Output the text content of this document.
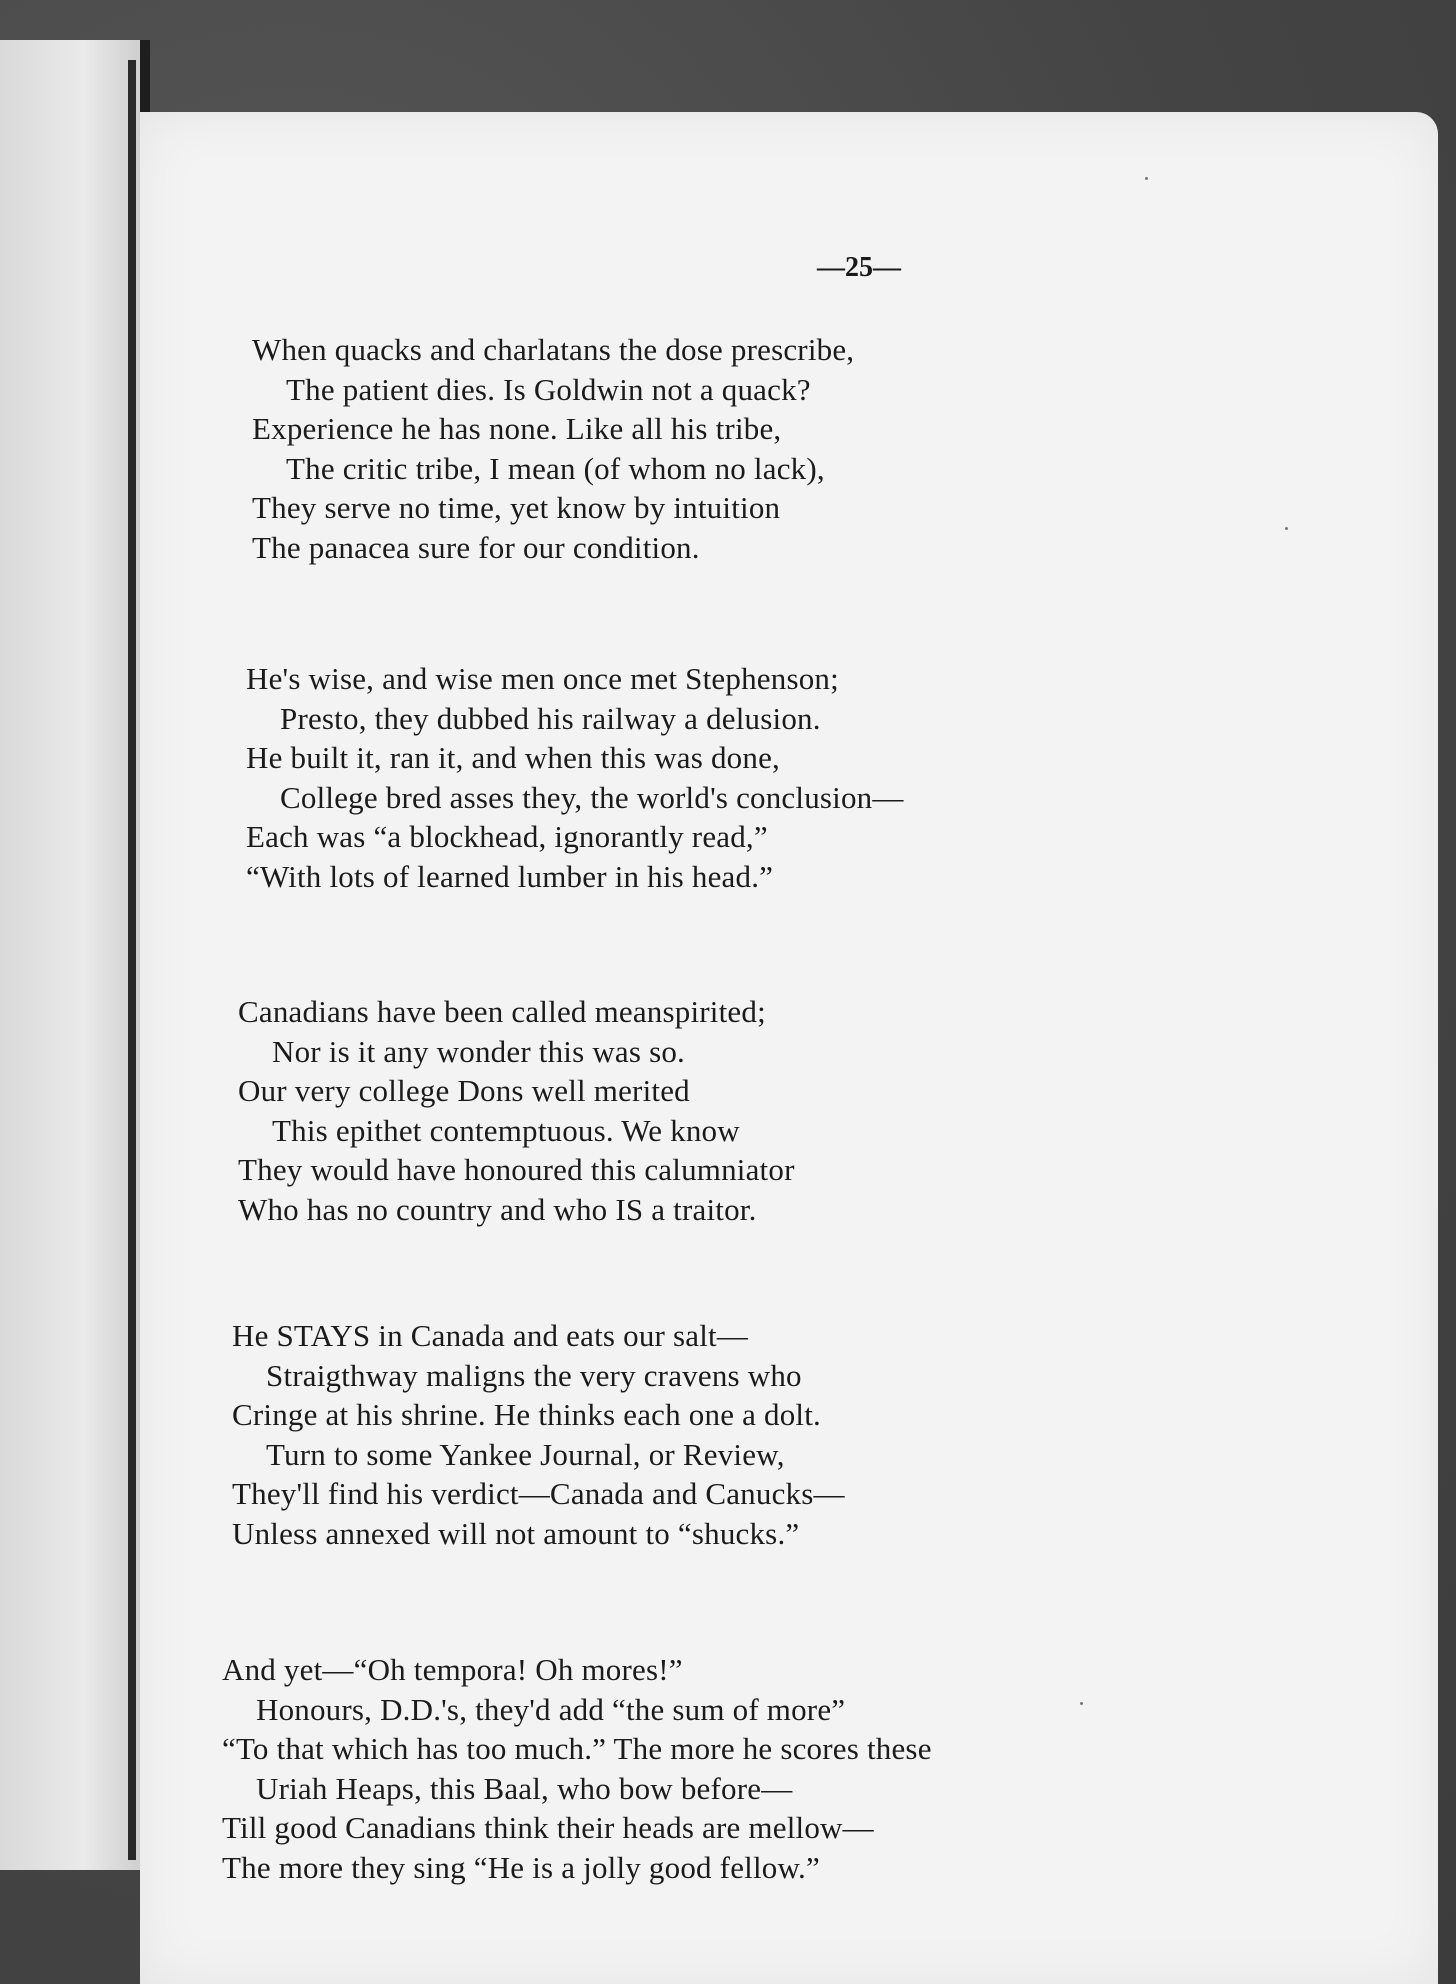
—25—
When quacks and charlatans the dose prescribe,
The patient dies. Is Goldwin not a quack?
Experience he has none. Like all his tribe,
The critic tribe, I mean (of whom no lack),
They serve no time, yet know by intuition
The panacea sure for our condition.
He's wise, and wise men once met Stephenson;
Presto, they dubbed his railway a delusion.
He built it, ran it, and when this was done,
College bred asses they, the world's conclusion—
Each was “a blockhead, ignorantly read,”
“With lots of learned lumber in his head.”
Canadians have been called meanspirited;
Nor is it any wonder this was so.
Our very college Dons well merited
This epithet contemptuous. We know
They would have honoured this calumniator
Who has no country and who IS a traitor.
He STAYS in Canada and eats our salt—
Straigthway maligns the very cravens who
Cringe at his shrine. He thinks each one a dolt.
Turn to some Yankee Journal, or Review,
They'll find his verdict—Canada and Canucks—
Unless annexed will not amount to “shucks.”
And yet—“Oh tempora! Oh mores!”
Honours, D.D.'s, they'd add “the sum of more”
“To that which has too much.” The more he scores these
Uriah Heaps, this Baal, who bow before—
Till good Canadians think their heads are mellow—
The more they sing “He is a jolly good fellow.”
